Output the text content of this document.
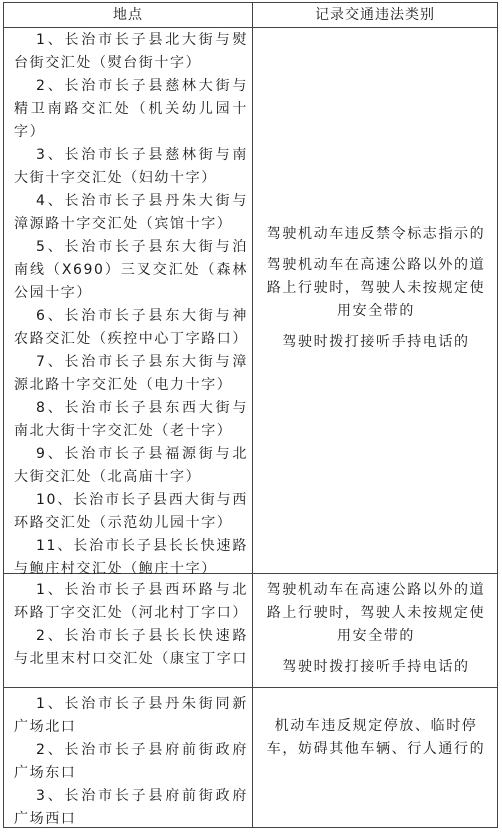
地点	记录交通违法类别
1、长治市长子县北大街与熨台街交汇处（熨台街十字）
2、长治市长子县慈林大街与精卫南路交汇处（机关幼儿园十字）
3、长治市长子县慈林街与南大街十字交汇处（妇幼十字）
4、长治市长子县丹朱大街与漳源路十字交汇处（宾馆十字）
5、长治市长子县东大街与泊南线（X690）三叉交汇处（森林公园十字）
6、长治市长子县东大街与神农路交汇处（疾控中心丁字路口）
7、长治市长子县东大街与漳源北路十字交汇处（电力十字）
8、长治市长子县东西大街与南北大街十字交汇处（老十字）
9、长治市长子县福源街与北大街交汇处（北高庙十字）
10、长治市长子县西大街与西环路交汇处（示范幼儿园十字）
11、长治市长子县长长快速路与鲍庄村交汇处（鲍庄十字）

驾驶机动车违反禁令标志指示的

驾驶机动车在高速公路以外的道路上行驶时，驾驶人未按规定使用安全带的

驾驶时拨打接听手持电话的

1、长治市长子县西环路与北环路丁字交汇处（河北村丁字口）
2、长治市长子县长长快速路与北里末村口交汇处（康宝丁字口

驾驶机动车在高速公路以外的道路上行驶时，驾驶人未按规定使用安全带的

驾驶时拨打接听手持电话的

1、长治市长子县丹朱街同新广场北口
2、长治市长子县府前街政府广场东口
3、长治市长子县府前街政府广场西口

机动车违反规定停放、临时停车，妨碍其他车辆、行人通行的
